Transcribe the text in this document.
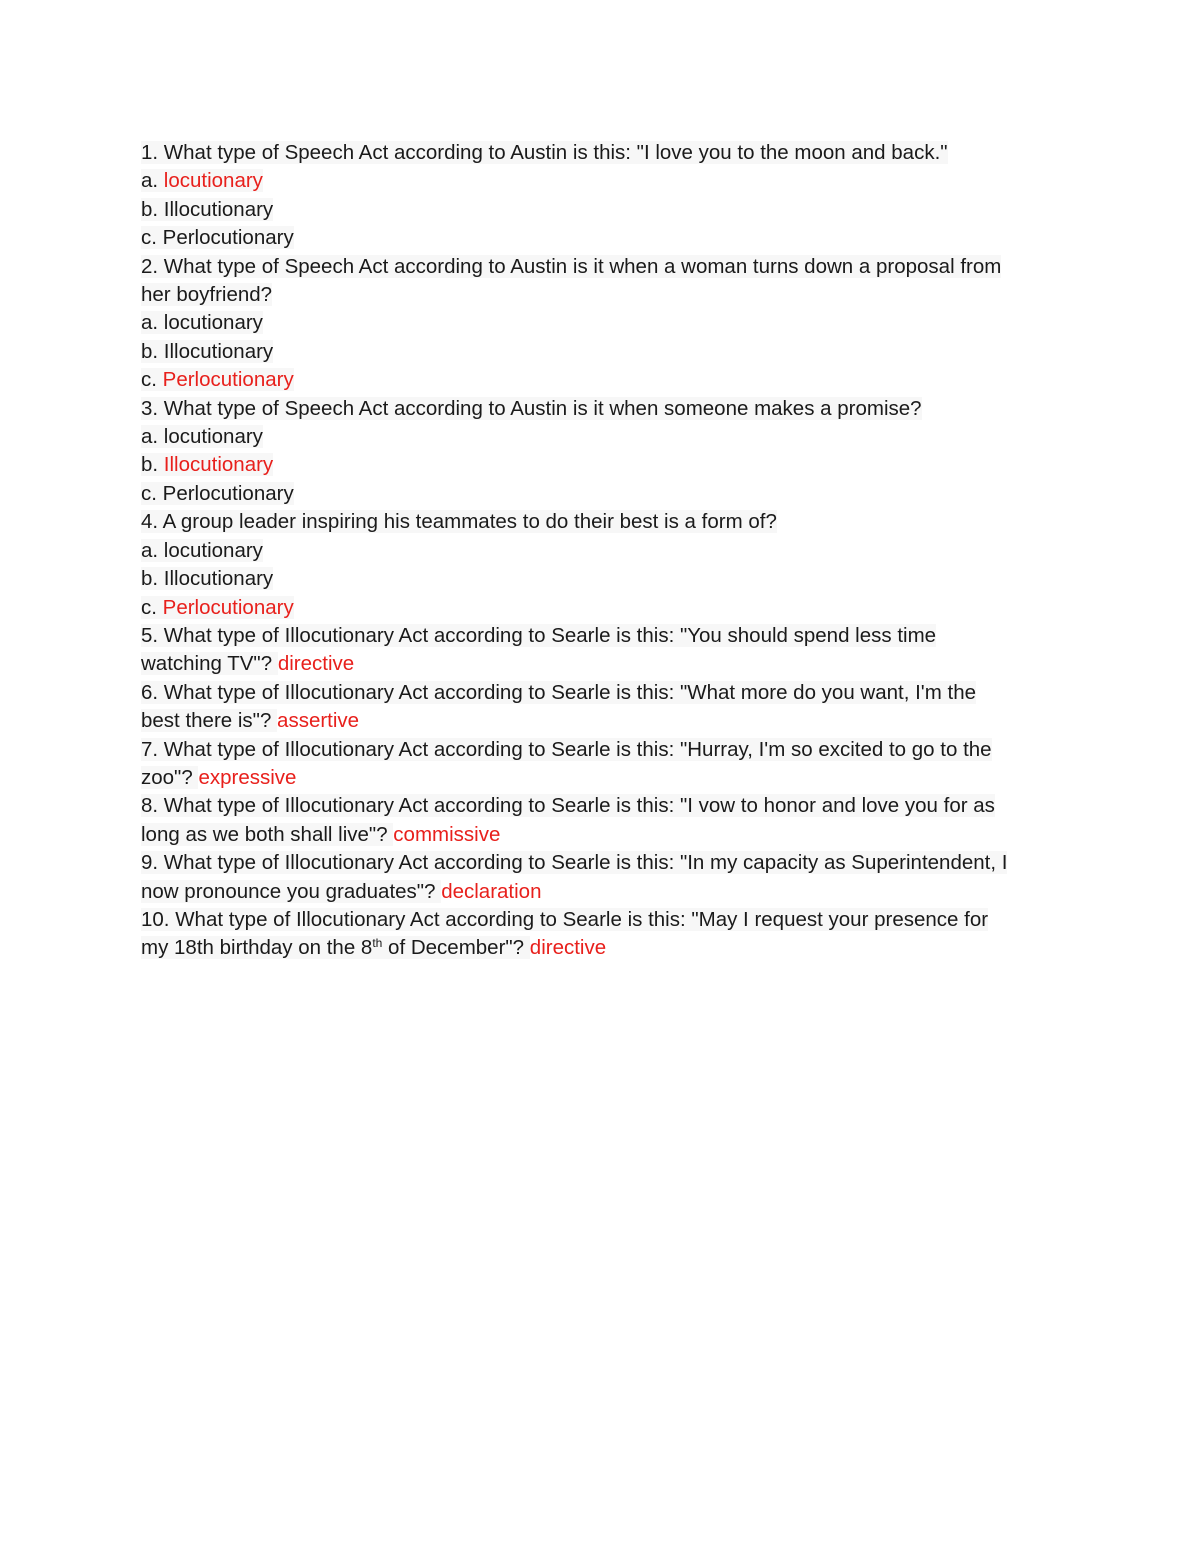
1. What type of Speech Act according to Austin is this: "I love you to the moon and back."
a. locutionary
b. Illocutionary
c. Perlocutionary
2. What type of Speech Act according to Austin is it when a woman turns down a proposal from
her boyfriend?
a. locutionary
b. Illocutionary
c. Perlocutionary
3. What type of Speech Act according to Austin is it when someone makes a promise?
a. locutionary
b. Illocutionary
c. Perlocutionary
4. A group leader inspiring his teammates to do their best is a form of?
a. locutionary
b. Illocutionary
c. Perlocutionary
5. What type of Illocutionary Act according to Searle is this: "You should spend less time
watching TV"? directive
6. What type of Illocutionary Act according to Searle is this: "What more do you want, I'm the
best there is"? assertive
7. What type of Illocutionary Act according to Searle is this: "Hurray, I'm so excited to go to the
zoo"? expressive
8. What type of Illocutionary Act according to Searle is this: "I vow to honor and love you for as
long as we both shall live"? commissive
9. What type of Illocutionary Act according to Searle is this: "In my capacity as Superintendent, I
now pronounce you graduates"? declaration
10. What type of Illocutionary Act according to Searle is this: "May I request your presence for
my 18th birthday on the 8th of December"? directive
